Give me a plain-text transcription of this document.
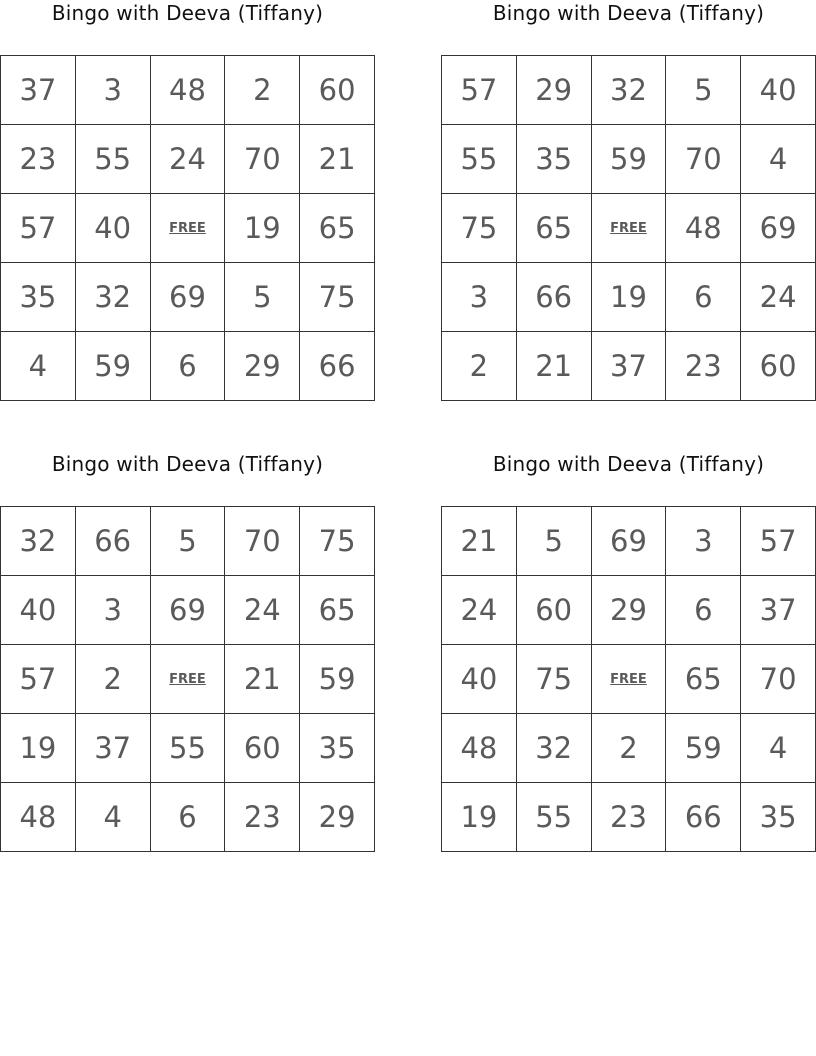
Bingo with Deeva (Tiffany)
37	3	48	2	60
23	55	24	70	21
57	40	FREE	19	65
35	32	69	5	75
4	59	6	29	66
Bingo with Deeva (Tiffany)
57	29	32	5	40
55	35	59	70	4
75	65	FREE	48	69
3	66	19	6	24
2	21	37	23	60
Bingo with Deeva (Tiffany)
32	66	5	70	75
40	3	69	24	65
57	2	FREE	21	59
19	37	55	60	35
48	4	6	23	29
Bingo with Deeva (Tiffany)
21	5	69	3	57
24	60	29	6	37
40	75	FREE	65	70
48	32	2	59	4
19	55	23	66	35
